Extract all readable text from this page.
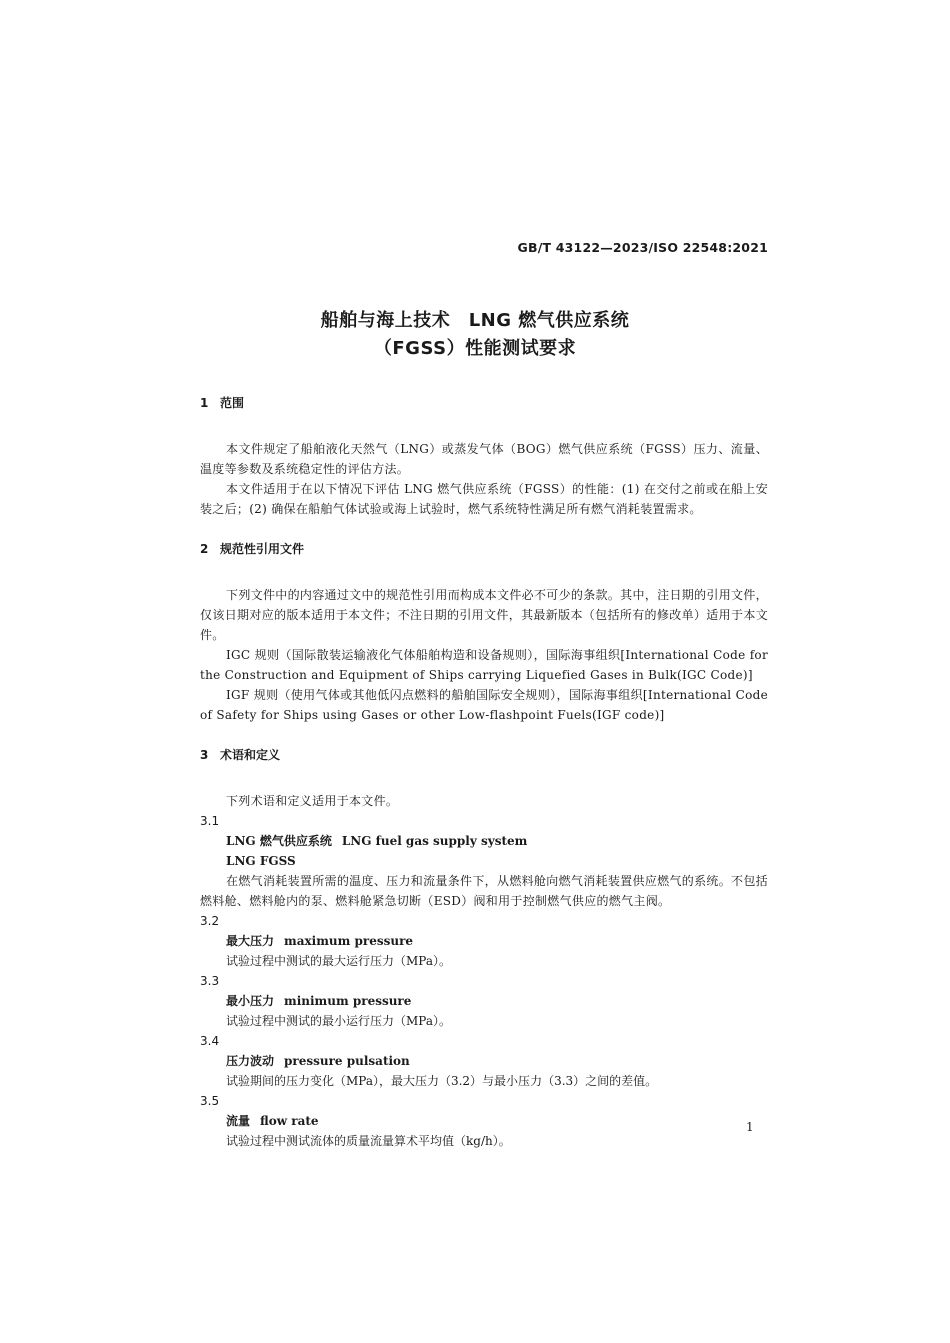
GB/T 43122—2023/ISO 22548:2021
船舶与海上技术　LNG 燃气供应系统
（FGSS）性能测试要求
1 范围
本文件规定了船舶液化天然气（LNG）或蒸发气体（BOG）燃气供应系统（FGSS）压力、流量、温度等参数及系统稳定性的评估方法。
本文件适用于在以下情况下评估 LNG 燃气供应系统（FGSS）的性能：(1) 在交付之前或在船上安装之后；(2) 确保在船舶气体试验或海上试验时，燃气系统特性满足所有燃气消耗装置需求。
2 规范性引用文件
下列文件中的内容通过文中的规范性引用而构成本文件必不可少的条款。其中，注日期的引用文件，仅该日期对应的版本适用于本文件；不注日期的引用文件，其最新版本（包括所有的修改单）适用于本文件。
IGC 规则（国际散装运输液化气体船舶构造和设备规则），国际海事组织[International Code for the Construction and Equipment of Ships carrying Liquefied Gases in Bulk(IGC Code)]
IGF 规则（使用气体或其他低闪点燃料的船舶国际安全规则），国际海事组织[International Code of Safety for Ships using Gases or other Low-flashpoint Fuels(IGF code)]
3 术语和定义
下列术语和定义适用于本文件。
3.1
LNG 燃气供应系统 LNG fuel gas supply system
LNG FGSS
在燃气消耗装置所需的温度、压力和流量条件下，从燃料舱向燃气消耗装置供应燃气的系统。不包括燃料舱、燃料舱内的泵、燃料舱紧急切断（ESD）阀和用于控制燃气供应的燃气主阀。
3.2
最大压力 maximum pressure
试验过程中测试的最大运行压力（MPa）。
3.3
最小压力 minimum pressure
试验过程中测试的最小运行压力（MPa）。
3.4
压力波动 pressure pulsation
试验期间的压力变化（MPa），最大压力（3.2）与最小压力（3.3）之间的差值。
3.5
流量 flow rate
试验过程中测试流体的质量流量算术平均值（kg/h）。
1
